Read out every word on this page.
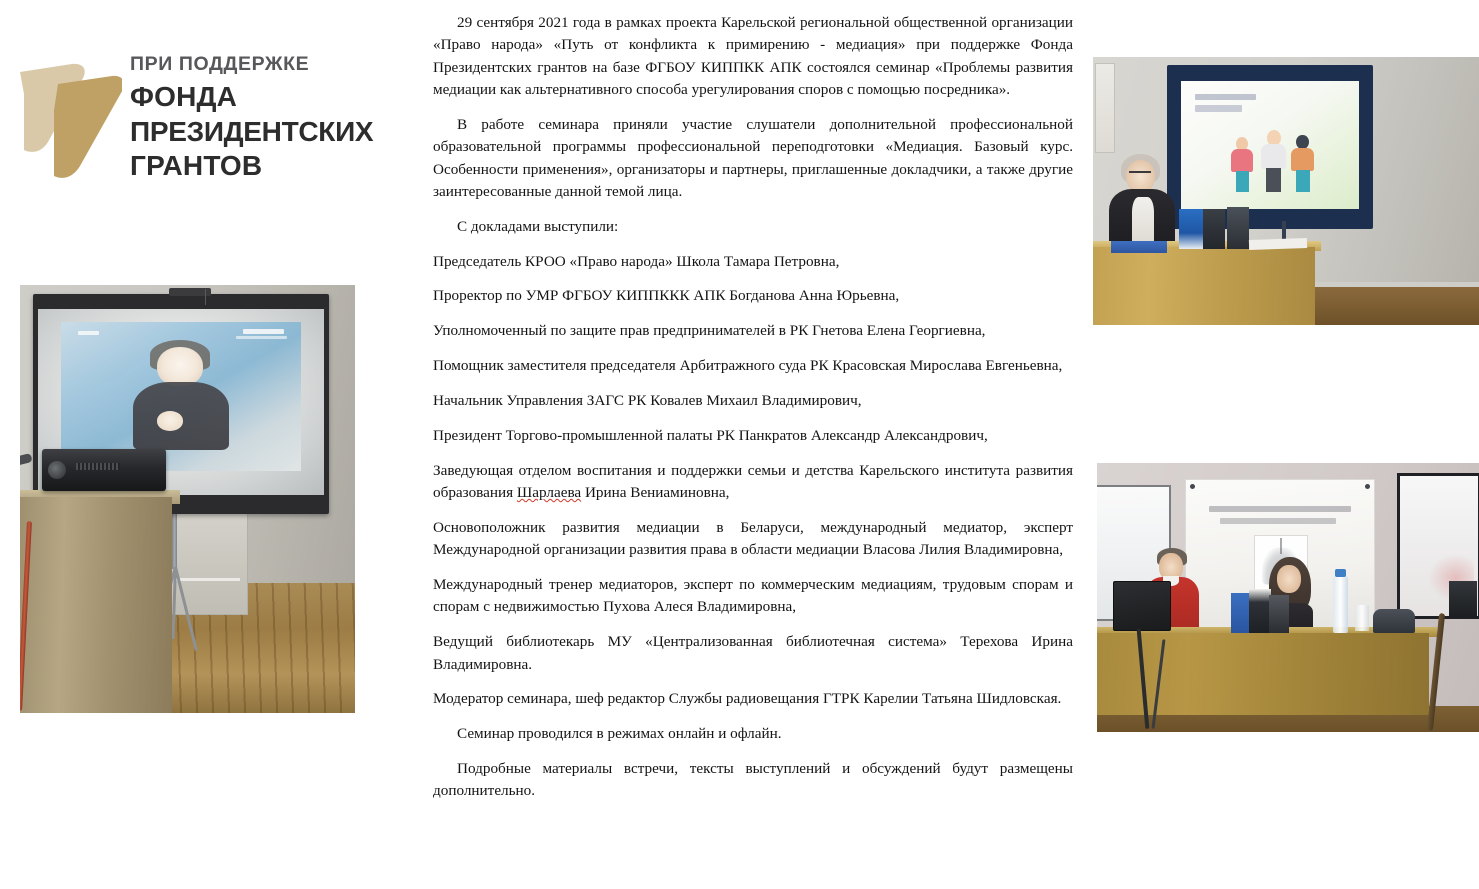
ПРИ ПОДДЕРЖКЕ
ФОНДА
ПРЕЗИДЕНТСКИХ
ГРАНТОВ

29 сентября 2021 года в рамках проекта Карельской региональной общественной организации «Право народа» «Путь от конфликта к примирению - медиация» при поддержке Фонда Президентских грантов на базе ФГБОУ КИППКК АПК состоялся семинар «Проблемы развития медиации как альтернативного способа урегулирования споров с помощью посредника».

В работе семинара приняли участие слушатели дополнительной профессиональной образовательной программы профессиональной переподготовки «Медиация. Базовый курс. Особенности применения», организаторы и партнеры, приглашенные докладчики, а также другие заинтересованные данной темой лица.

С докладами выступили:

Председатель КРОО «Право народа» Школа Тамара Петровна,

Проректор по УМР ФГБОУ КИППККК АПК Богданова Анна Юрьевна,

Уполномоченный по защите прав предпринимателей в РК Гнетова Елена Георгиевна,

Помощник заместителя председателя Арбитражного суда РК Красовская Мирослава Евгеньевна,

Начальник Управления ЗАГС РК Ковалев Михаил Владимирович,

Президент Торгово-промышленной палаты РК Панкратов Александр Александрович,

Заведующая отделом воспитания и поддержки семьи и детства Карельского института развития образования Шарлаева Ирина Вениаминовна,

Основоположник развития медиации в Беларуси, международный медиатор, эксперт Международной организации развития права в области медиации Власова Лилия Владимировна,

Международный тренер медиаторов, эксперт по коммерческим медиациям, трудовым спорам и спорам с недвижимостью Пухова Алеся Владимировна,

Ведущий библиотекарь МУ «Централизованная библиотечная система» Терехова Ирина Владимировна.

Модератор семинара, шеф редактор Службы радиовещания ГТРК Карелии Татьяна Шидловская.

Семинар проводился в режимах онлайн и офлайн.

Подробные материалы встречи, тексты выступлений и обсуждений будут размещены дополнительно.
